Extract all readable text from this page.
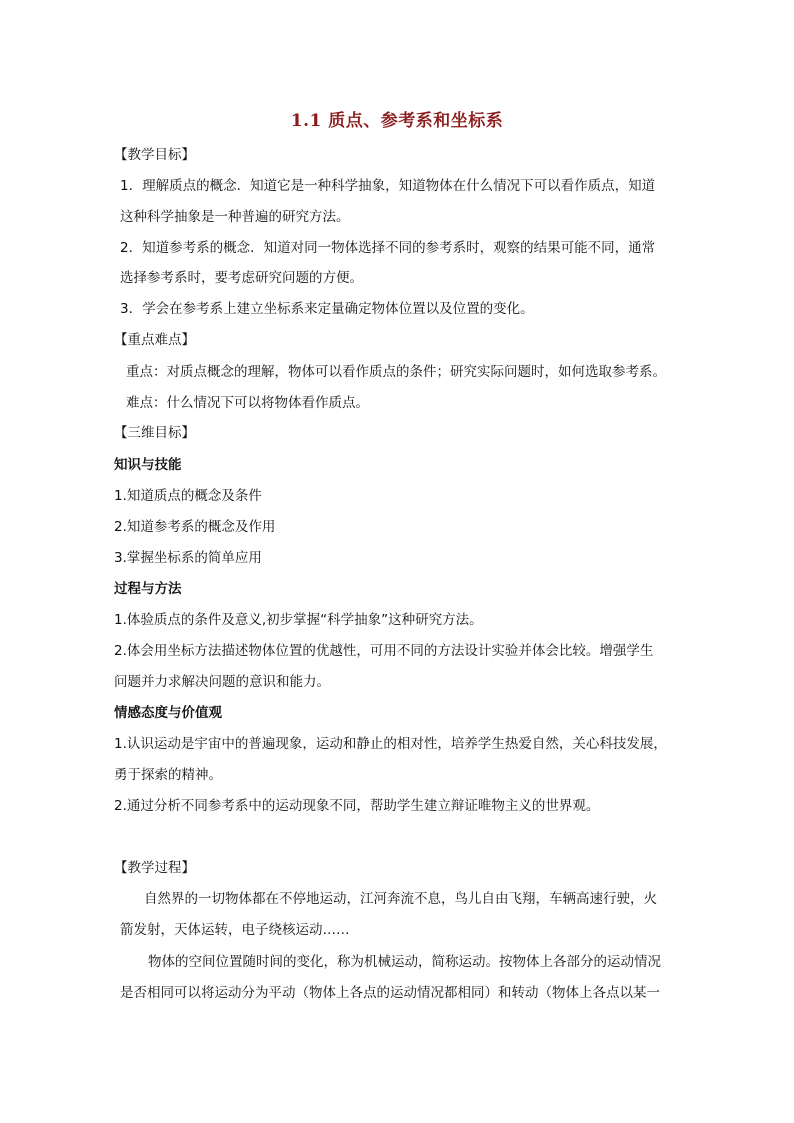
1.1 质点、参考系和坐标系
【教学目标】
1．理解质点的概念．知道它是一种科学抽象，知道物体在什么情况下可以看作质点，知道
这种科学抽象是一种普遍的研究方法。
2．知道参考系的概念．知道对同一物体选择不同的参考系时，观察的结果可能不同，通常
选择参考系时，要考虑研究问题的方便。
3．学会在参考系上建立坐标系来定量确定物体位置以及位置的变化。
【重点难点】
重点：对质点概念的理解，物体可以看作质点的条件；研究实际问题时，如何选取参考系。
难点：什么情况下可以将物体看作质点。
【三维目标】
知识与技能
1.知道质点的概念及条件
2.知道参考系的概念及作用
3.掌握坐标系的简单应用
过程与方法
1.体验质点的条件及意义,初步掌握“科学抽象”这种研究方法。
2.体会用坐标方法描述物体位置的优越性，可用不同的方法设计实验并体会比较。增强学生
问题并力求解决问题的意识和能力。
情感态度与价值观
1.认识运动是宇宙中的普遍现象，运动和静止的相对性，培养学生热爱自然，关心科技发展，
勇于探索的精神。
2.通过分析不同参考系中的运动现象不同，帮助学生建立辩证唯物主义的世界观。
【教学过程】
自然界的一切物体都在不停地运动，江河奔流不息，鸟儿自由飞翔，车辆高速行驶，火
箭发射，天体运转，电子绕核运动……
物体的空间位置随时间的变化，称为机械运动，简称运动。按物体上各部分的运动情况
是否相同可以将运动分为平动（物体上各点的运动情况都相同）和转动（物体上各点以某一
